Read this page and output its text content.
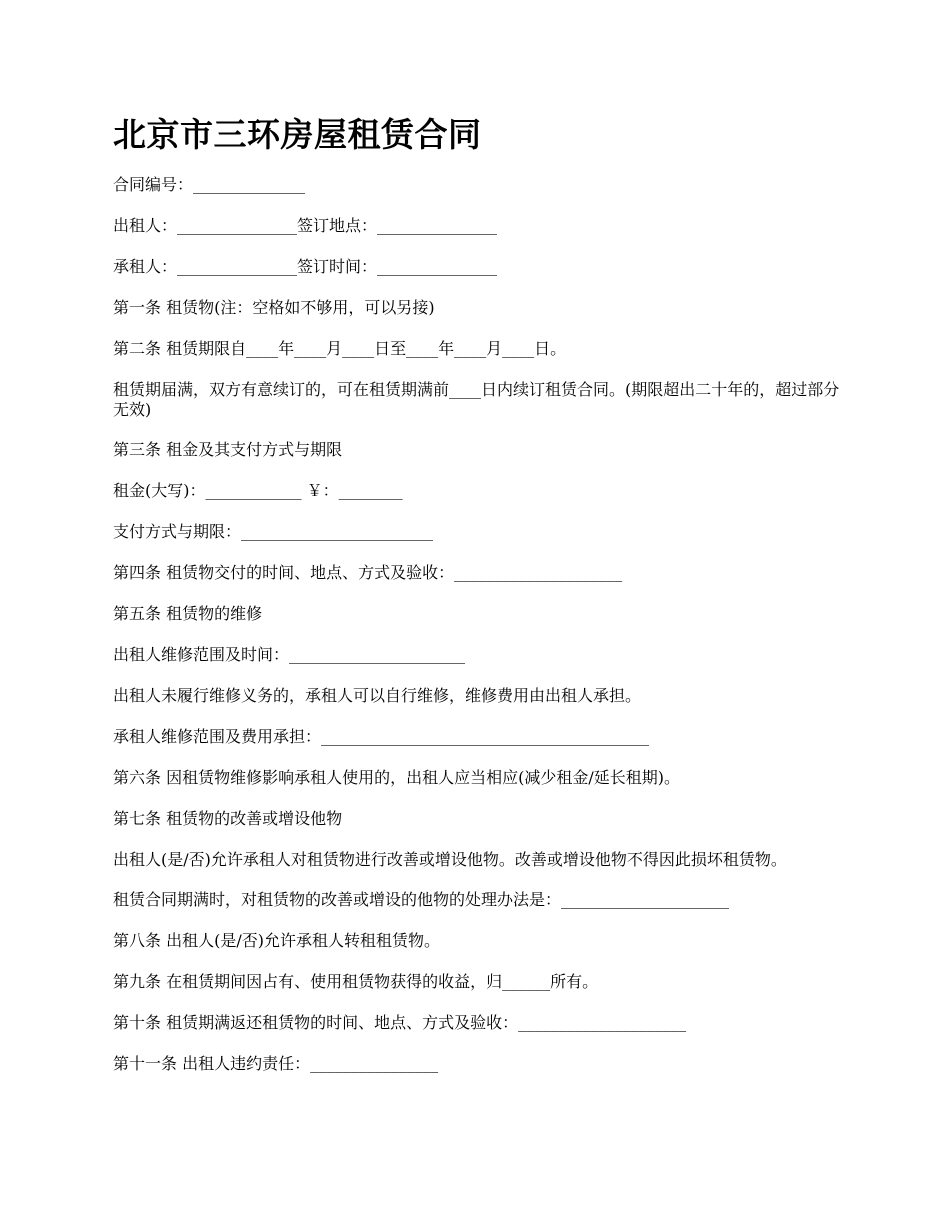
北京市三环房屋租赁合同

合同编号：______________

出租人：_______________签订地点：_______________

承租人：_______________签订时间：_______________

第一条 租赁物(注：空格如不够用，可以另接)

第二条 租赁期限自____年____月____日至____年____月____日。

租赁期届满，双方有意续订的，可在租赁期满前____日内续订租赁合同。(期限超出二十年的，超过部分无效)

第三条 租金及其支付方式与期限

租金(大写)：____________ ￥：________

支付方式与期限：________________________

第四条 租赁物交付的时间、地点、方式及验收：_____________________

第五条 租赁物的维修

出租人维修范围及时间：______________________

出租人未履行维修义务的，承租人可以自行维修，维修费用由出租人承担。

承租人维修范围及费用承担：_________________________________________

第六条 因租赁物维修影响承租人使用的，出租人应当相应(减少租金/延长租期)。

第七条 租赁物的改善或增设他物

出租人(是/否)允许承租人对租赁物进行改善或增设他物。改善或增设他物不得因此损坏租赁物。

租赁合同期满时，对租赁物的改善或增设的他物的处理办法是：_____________________

第八条 出租人(是/否)允许承租人转租租赁物。

第九条 在租赁期间因占有、使用租赁物获得的收益，归______所有。

第十条 租赁期满返还租赁物的时间、地点、方式及验收：_____________________

第十一条 出租人违约责任：________________
